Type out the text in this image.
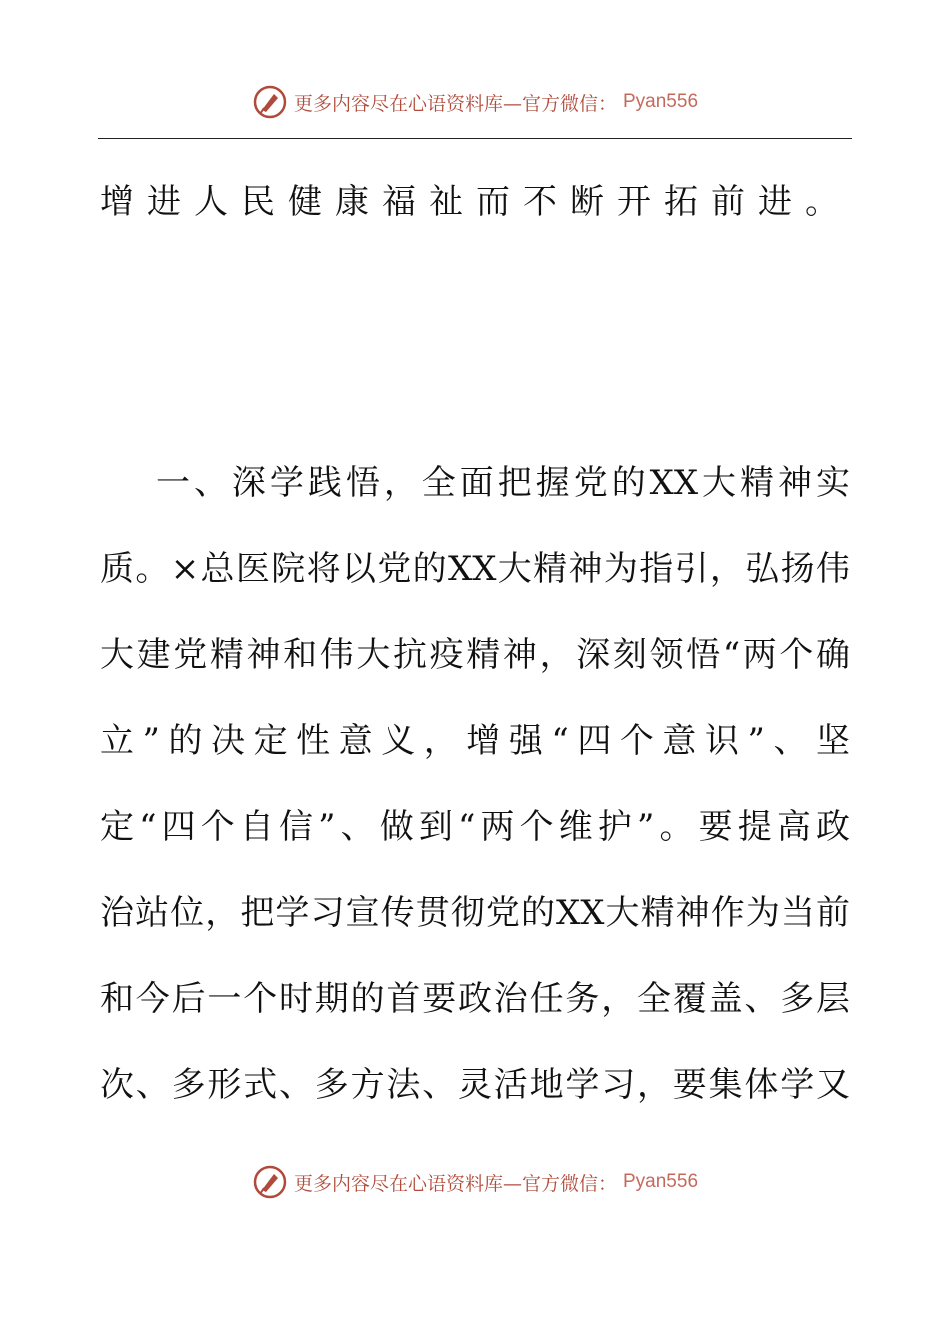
更多内容尽在心语资料库—官方微信： Pyan556
增进人民健康福祉而不断开拓前进。
一、深学践悟，全面把握党的XX大精神实
质。×总医院将以党的XX大精神为指引，弘扬伟
大建党精神和伟大抗疫精神，深刻领悟“两个确
立”的决定性意义，增强“四个意识”、坚
定“四个自信”、做到“两个维护”。要提高政
治站位，把学习宣传贯彻党的XX大精神作为当前
和今后一个时期的首要政治任务，全覆盖、多层
次、多形式、多方法、灵活地学习，要集体学又
更多内容尽在心语资料库—官方微信： Pyan556
